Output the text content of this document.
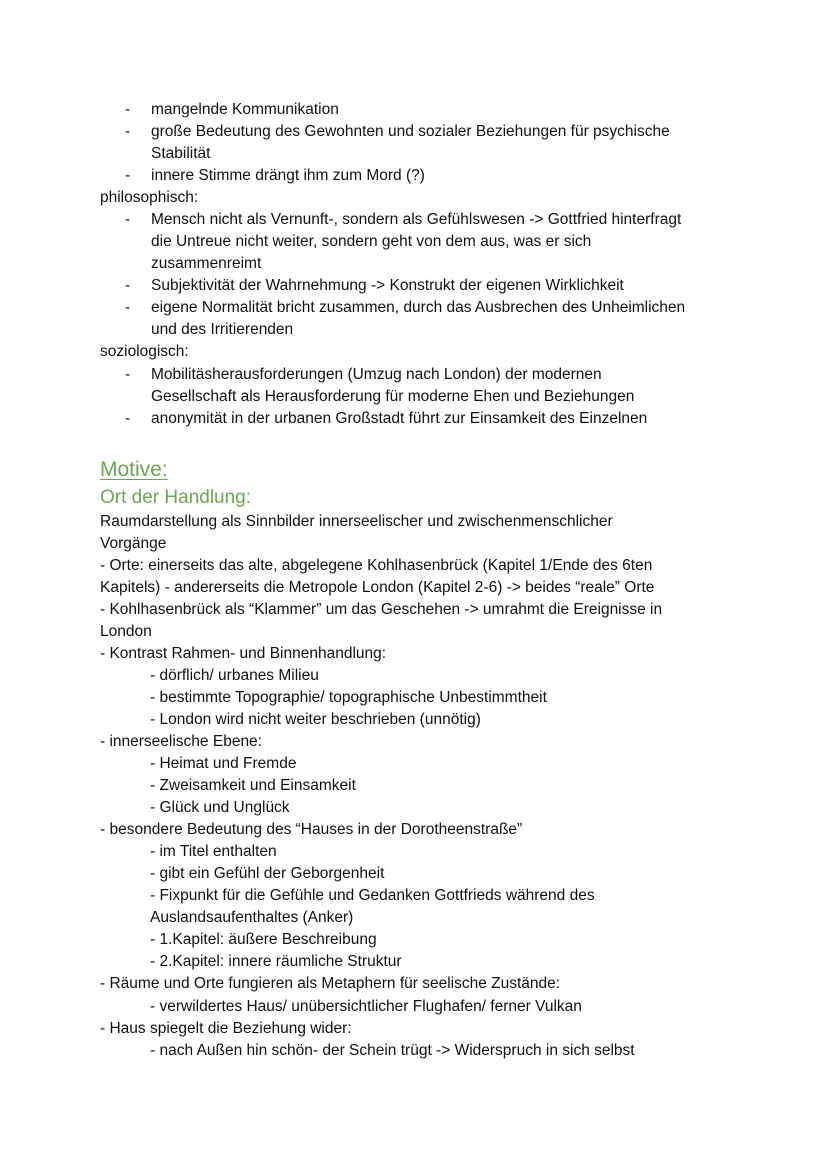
- mangelnde Kommunikation
- große Bedeutung des Gewohnten und sozialer Beziehungen für psychische
Stabilität
- innere Stimme drängt ihm zum Mord (?)
philosophisch:
- Mensch nicht als Vernunft-, sondern als Gefühlswesen -> Gottfried hinterfragt
die Untreue nicht weiter, sondern geht von dem aus, was er sich
zusammenreimt
- Subjektivität der Wahrnehmung -> Konstrukt der eigenen Wirklichkeit
- eigene Normalität bricht zusammen, durch das Ausbrechen des Unheimlichen
und des Irritierenden
soziologisch:
- Mobilitäsherausforderungen (Umzug nach London) der modernen
Gesellschaft als Herausforderung für moderne Ehen und Beziehungen
- anonymität in der urbanen Großstadt führt zur Einsamkeit des Einzelnen
Motive:
Ort der Handlung:
Raumdarstellung als Sinnbilder innerseelischer und zwischenmenschlicher
Vorgänge
- Orte: einerseits das alte, abgelegene Kohlhasenbrück (Kapitel 1/Ende des 6ten
Kapitels) - andererseits die Metropole London (Kapitel 2-6) -> beides “reale” Orte
- Kohlhasenbrück als “Klammer” um das Geschehen -> umrahmt die Ereignisse in
London
- Kontrast Rahmen- und Binnenhandlung:
- dörflich/ urbanes Milieu
- bestimmte Topographie/ topographische Unbestimmtheit
- London wird nicht weiter beschrieben (unnötig)
- innerseelische Ebene:
- Heimat und Fremde
- Zweisamkeit und Einsamkeit
- Glück und Unglück
- besondere Bedeutung des “Hauses in der Dorotheenstraße”
- im Titel enthalten
- gibt ein Gefühl der Geborgenheit
- Fixpunkt für die Gefühle und Gedanken Gottfrieds während des
Auslandsaufenthaltes (Anker)
- 1.Kapitel: äußere Beschreibung
- 2.Kapitel: innere räumliche Struktur
- Räume und Orte fungieren als Metaphern für seelische Zustände:
- verwildertes Haus/ unübersichtlicher Flughafen/ ferner Vulkan
- Haus spiegelt die Beziehung wider:
- nach Außen hin schön- der Schein trügt -> Widerspruch in sich selbst
